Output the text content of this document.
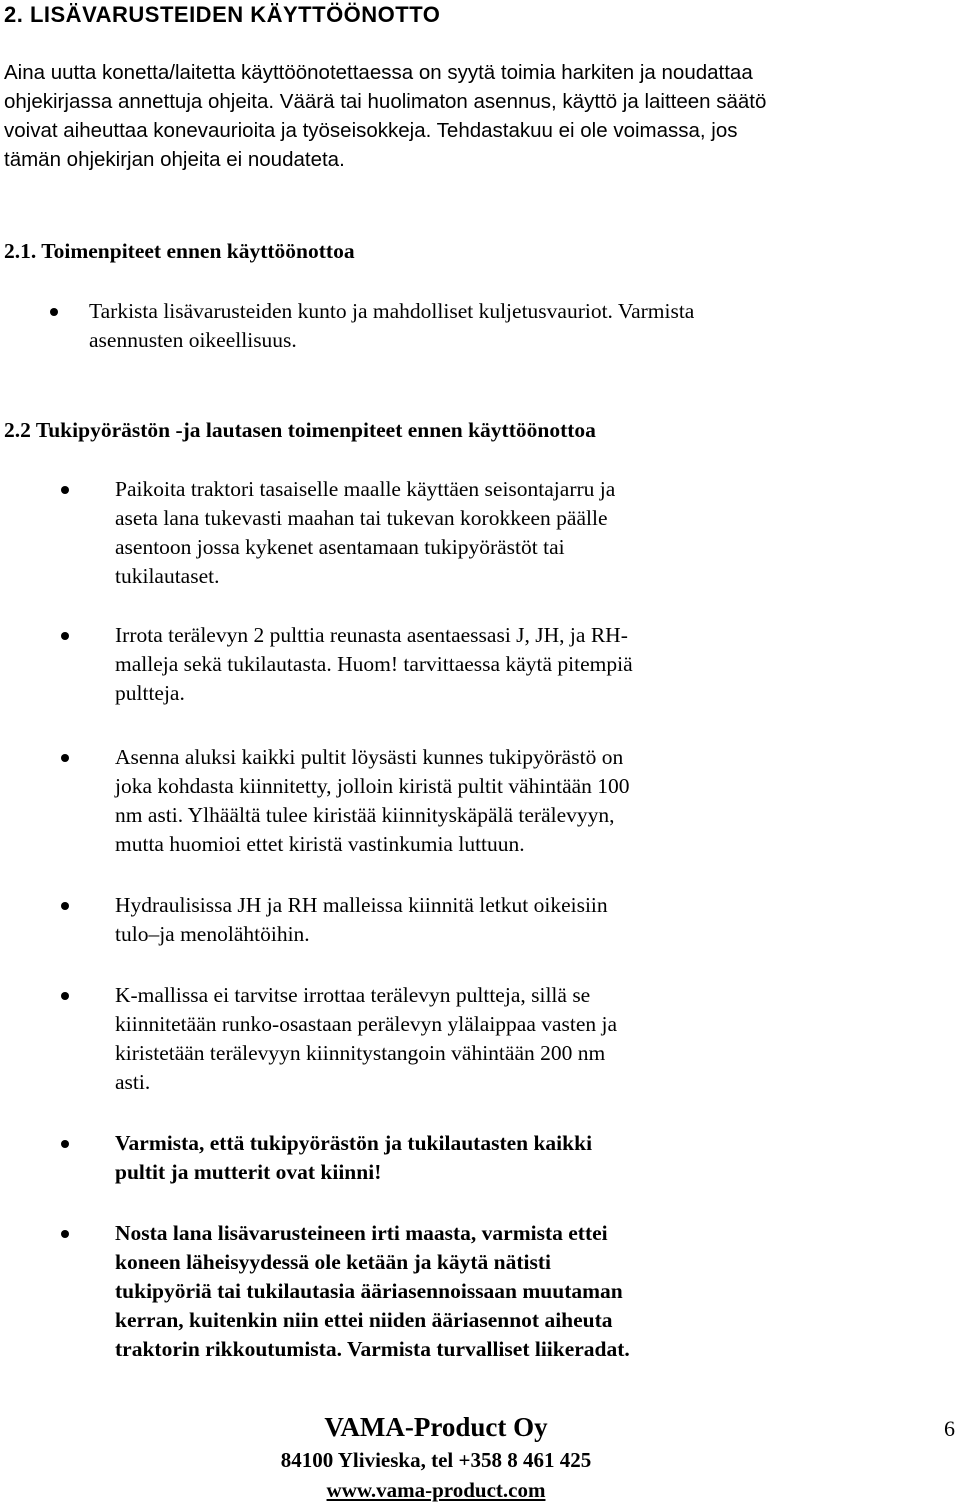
2. LISÄVARUSTEIDEN KÄYTTÖÖNOTTO
Aina uutta konetta/laitetta käyttöönotettaessa on syytä toimia harkiten ja noudattaa
ohjekirjassa annettuja ohjeita. Väärä tai huolimaton asennus, käyttö ja laitteen säätö
voivat aiheuttaa konevaurioita ja työseisokkeja. Tehdastakuu ei ole voimassa, jos
tämän ohjekirjan ohjeita ei noudateta.
2.1. Toimenpiteet ennen käyttöönottoa
Tarkista lisävarusteiden kunto ja mahdolliset kuljetusvauriot. Varmista
asennusten oikeellisuus.
2.2 Tukipyörästön -ja lautasen toimenpiteet ennen käyttöönottoa
Paikoita traktori tasaiselle maalle käyttäen seisontajarru ja
aseta lana tukevasti maahan tai tukevan korokkeen päälle
asentoon jossa kykenet asentamaan tukipyörästöt tai
tukilautaset.
Irrota terälevyn 2 pulttia reunasta asentaessasi J, JH, ja RH-
malleja sekä tukilautasta. Huom! tarvittaessa käytä pitempiä
pultteja.
Asenna aluksi kaikki pultit löysästi kunnes tukipyörästö on
joka kohdasta kiinnitetty, jolloin kiristä pultit vähintään 100
nm asti. Ylhäältä tulee kiristää kiinnityskäpälä terälevyyn,
mutta huomioi ettet kiristä vastinkumia luttuun.
Hydraulisissa JH ja RH malleissa kiinnitä letkut oikeisiin
tulo–ja menolähtöihin.
K-mallissa ei tarvitse irrottaa terälevyn pultteja, sillä se
kiinnitetään runko-osastaan perälevyn ylälaippaa vasten ja
kiristetään terälevyyn kiinnitystangoin vähintään 200 nm
asti.
Varmista, että tukipyörästön ja tukilautasten kaikki
pultit ja mutterit ovat kiinni!
Nosta lana lisävarusteineen irti maasta, varmista ettei
koneen läheisyydessä ole ketään ja käytä nätisti
tukipyöriä tai tukilautasia ääriasennoissaan muutaman
kerran, kuitenkin niin ettei niiden ääriasennot aiheuta
traktorin rikkoutumista. Varmista turvalliset liikeradat.
VAMA-Product Oy
84100 Ylivieska, tel +358 8 461 425
www.vama-product.com
6
